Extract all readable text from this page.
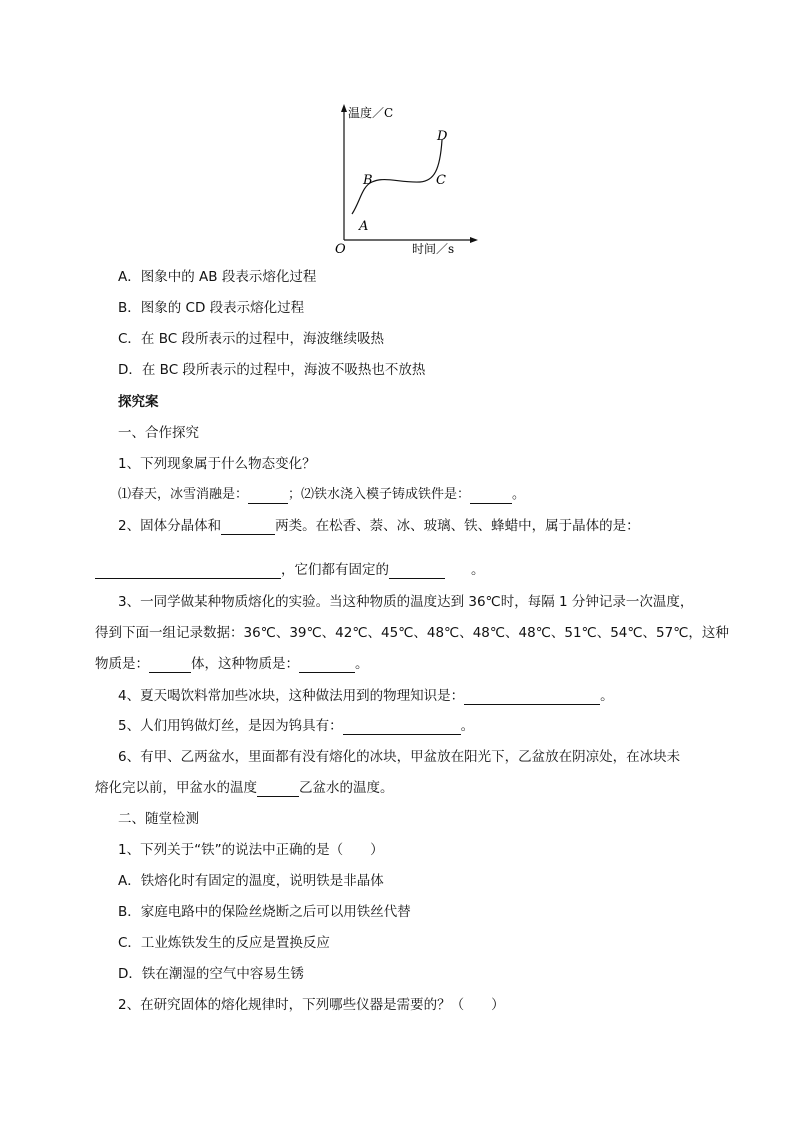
温度／C
时间／s
O
A
B	C
D
A．图象中的 AB 段表示熔化过程
B．图象的 CD 段表示熔化过程
C．在 BC 段所表示的过程中，海波继续吸热
D．在 BC 段所表示的过程中，海波不吸热也不放热
探究案
一、合作探究
1、下列现象属于什么物态变化？
⑴春天，冰雪消融是：	；⑵铁水浇入模子铸成铁件是：	。
2、固体分晶体和	两类。在松香、萘、冰、玻璃、铁、蜂蜡中，属于晶体的是：
，它们都有固定的	。
3、一同学做某种物质熔化的实验。当这种物质的温度达到 36℃时，每隔 1 分钟记录一次温度，
得到下面一组记录数据：36℃、39℃、42℃、45℃、48℃、48℃、48℃、51℃、54℃、57℃，这种
物质是：	体，这种物质是：	。
4、夏天喝饮料常加些冰块，这种做法用到的物理知识是：	。
5、人们用钨做灯丝，是因为钨具有：	。
6、有甲、乙两盆水，里面都有没有熔化的冰块，甲盆放在阳光下，乙盆放在阴凉处，在冰块未
熔化完以前，甲盆水的温度	乙盆水的温度。
二、随堂检测
1、下列关于“铁”的说法中正确的是（　　）
A．铁熔化时有固定的温度，说明铁是非晶体
B．家庭电路中的保险丝烧断之后可以用铁丝代替
C．工业炼铁发生的反应是置换反应
D．铁在潮湿的空气中容易生锈
2、在研究固体的熔化规律时，下列哪些仪器是需要的？（　　）
